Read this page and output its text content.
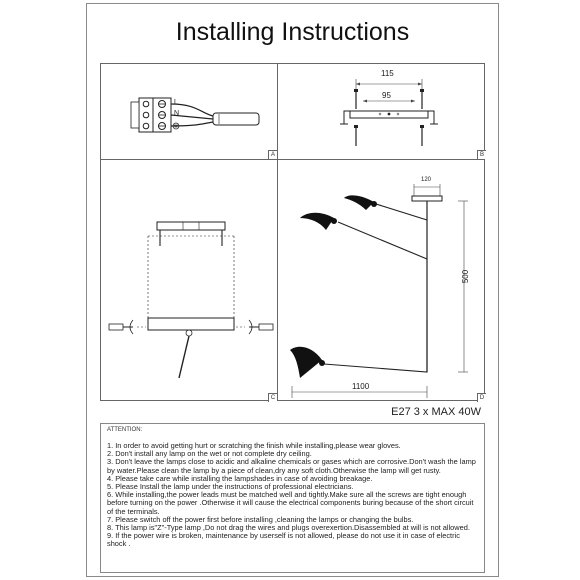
Installing Instructions
L
N
A
115
95
B
C
120
500
1100
D
E27 3 x MAX 40W
ATTENTION:
1. In order to avoid getting hurt or scratching the finish while installing,please wear gloves.
2. Don't install any lamp on the wet or not complete dry ceiling.
3. Don't leave the lamps close to acidic and alkaline chemicals or gases which are corrosive.Don't wash the lamp by water.Please clean the lamp by a piece of clean,dry any soft cloth.Otherwise the lamp will get rusty.
4. Please take care while installing the lampshades in case of avoiding breakage.
5. Please Install the lamp under the instructions of professional electricians.
6. While installing,the power leads must be matched well and tightly.Make sure all the screws are tight enough before turning on the power .Otherwise it will cause the electrical components buring because of the short circuit of the terminals.
7. Please switch off the power first before installing ,cleaning the lamps or changing the bulbs.
8. This lamp is"Z"-Type lamp ,Do not drag the wires and plugs overexertion.Disassembled at will is not allowed.
9. If the power wire is broken, maintenance by userself is not allowed, please do not use it in case of electric shock .
